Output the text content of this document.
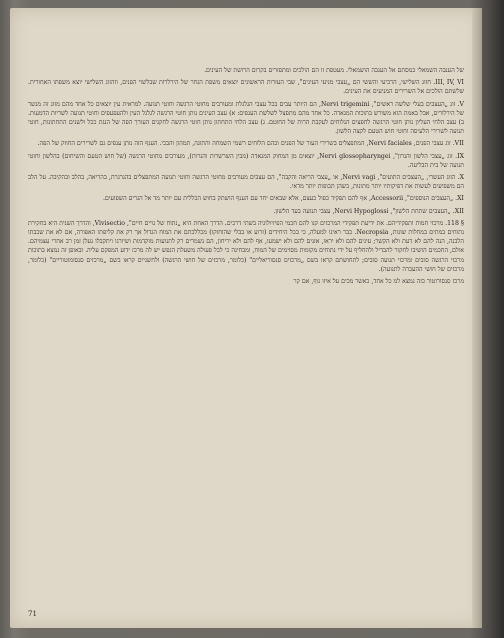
של הענבה השמאלי כמסתם אל הענבה הושמאלי. מעטפת זו הם הולכים ומתפזרים בקרום הרושת של העינים.

III, IV, VI. חזוג השלישי, הרביעי והששי הם „עצבי מניעי העינים", שבי העזרות הראשונים יוצאים משפת הנחר של הירלרות שבלשוי הפנים, וזהזוג השלישי יוצא משפתו האחורית. שלשתם הולכים אל השרירים המניעים את העינים.

V. זוג „העצבים בעלי שלשה ראשים", Nervi trigemini, הם היותר עבים בכל עצבי הגלגלת ומעורבים מחוטי הרגשה וחוטי תנועה. למראית עין יוצאים כל אחד מהם מזוג זה מנשר של הירלורים, אבל באמת הוא משורש בתוכות המגאדה. כל אחד מהם מתפצל לשלשת הענפים: א) עצב העינים נותן חוטי הרגשה לגלגל העין ולהעפעפים וחוטי תנועה לשריות הדמעות. ב) עצב הלחי העליון נותן חוטי הרגשה לחפצים הנלוחים לעקבת הרות של החוטם. ג) עצב הלחי התחתון נותן חוטי הרגשה לחקנים העורך הפה של הנגת ככל ולשנים התחתונות, חוטי תנועה לשרירי הלעיסה וחוטי חוש הטעם לקצה הלשון.

VII. זוג עצבי הפנים, Nervi faciales, המתפצלים בשרירי העור של הפנים ובהם הלוחים רשמי השמחה והתוגה, תמהון והבכי. הענף הזה נותן ענפים גם לשרירים החוזק של הפה.

IX. זוג „עצבי הלשון והגרון", Nervi glossopharyngei, יוצאים מן המחוק המגאדה (מבין השרשרות והנרות), מעורבים מחוטי הרגשה (של חוש הטעם והשיחום) בהלשון וחוטי תנועה של בית הבליעה.

X. הזוג העשרי, „העצבים התועים", Nervi vagi, או „עצבי הריאה והקבה", הם עצבים מעורבים מחוטי הרגשה וחוטי תנועה המתפצלים בהגרגרת, בהריאה, בהלב ובהקיבה. על הלב הם משפיעים לעשות את דפיקותיו יותר מתונות, כשהן תכופות יותר מדאי.

XI. „העצבים הנוספים", Accessorii, אף להם תפקיד כפול כעצם, אלא שבאים יחד עם הענף הושתק בחוש הכללית עם יותר מד אל הגרים השפועים.

XII. „העצבים שתחת הלשון", Nervi Hypoglossi, עצבי תנועה בעד הלשון.

§ 118. מרכזי חמות ותפקידיהם. את ידיעת תפקידי המרכזים קנו להם חכמי הפיזיולוגיה בשתי דרכים. הדרך האחת היא „נתוח של גויים חיים", Vivisectio, והדרך השנית היא בחקירת נתוחים במתים במחלות שונות, Necropsia. כבר ראינו למעלה, כי בכל היחידים (זרוע או בבלי שהוחזקו) מכללכתם את המוח הגדול אך רק את קליפתו האפורה, אם לא את שכבתו הלבנה, הנה להם לא דעת ולא הקשר; עינים להם ולא יראו, אזנים להם ולא ישמעו, אף להם ולא יריחון, הם נשמרים רק לתנועות מוקדמות ושיורגו ויתקבלו נעלן זמן רב אחרי עצמיהם. אולם, החכמים הושיבו לחקור להבדיל ולהחליף על ידי נתוחים מקומות מסוימים של המוח, ומבחינה כי לכל פעולה משעלת הנפש יש לה מרכז ידוע המפקם עליה. ובאופן זה נמצא בתוכות מרכזי הרגשה סובים ומרכזי תנועה סובים; לתחושתם קראו בשם „מרכזים סנסוריאליים" (כלומר, מרכזים של חושי הרגשה) ולחשניים קראו בשם „מרכזים סנסומוטוריים" (כלומר, מרכזים של חושי ההעברה לתנועה).

מרכז סנסורוטור כזה נמצא למ כל אחד, כאשר מכים על איזו גוף, אם קר

71
